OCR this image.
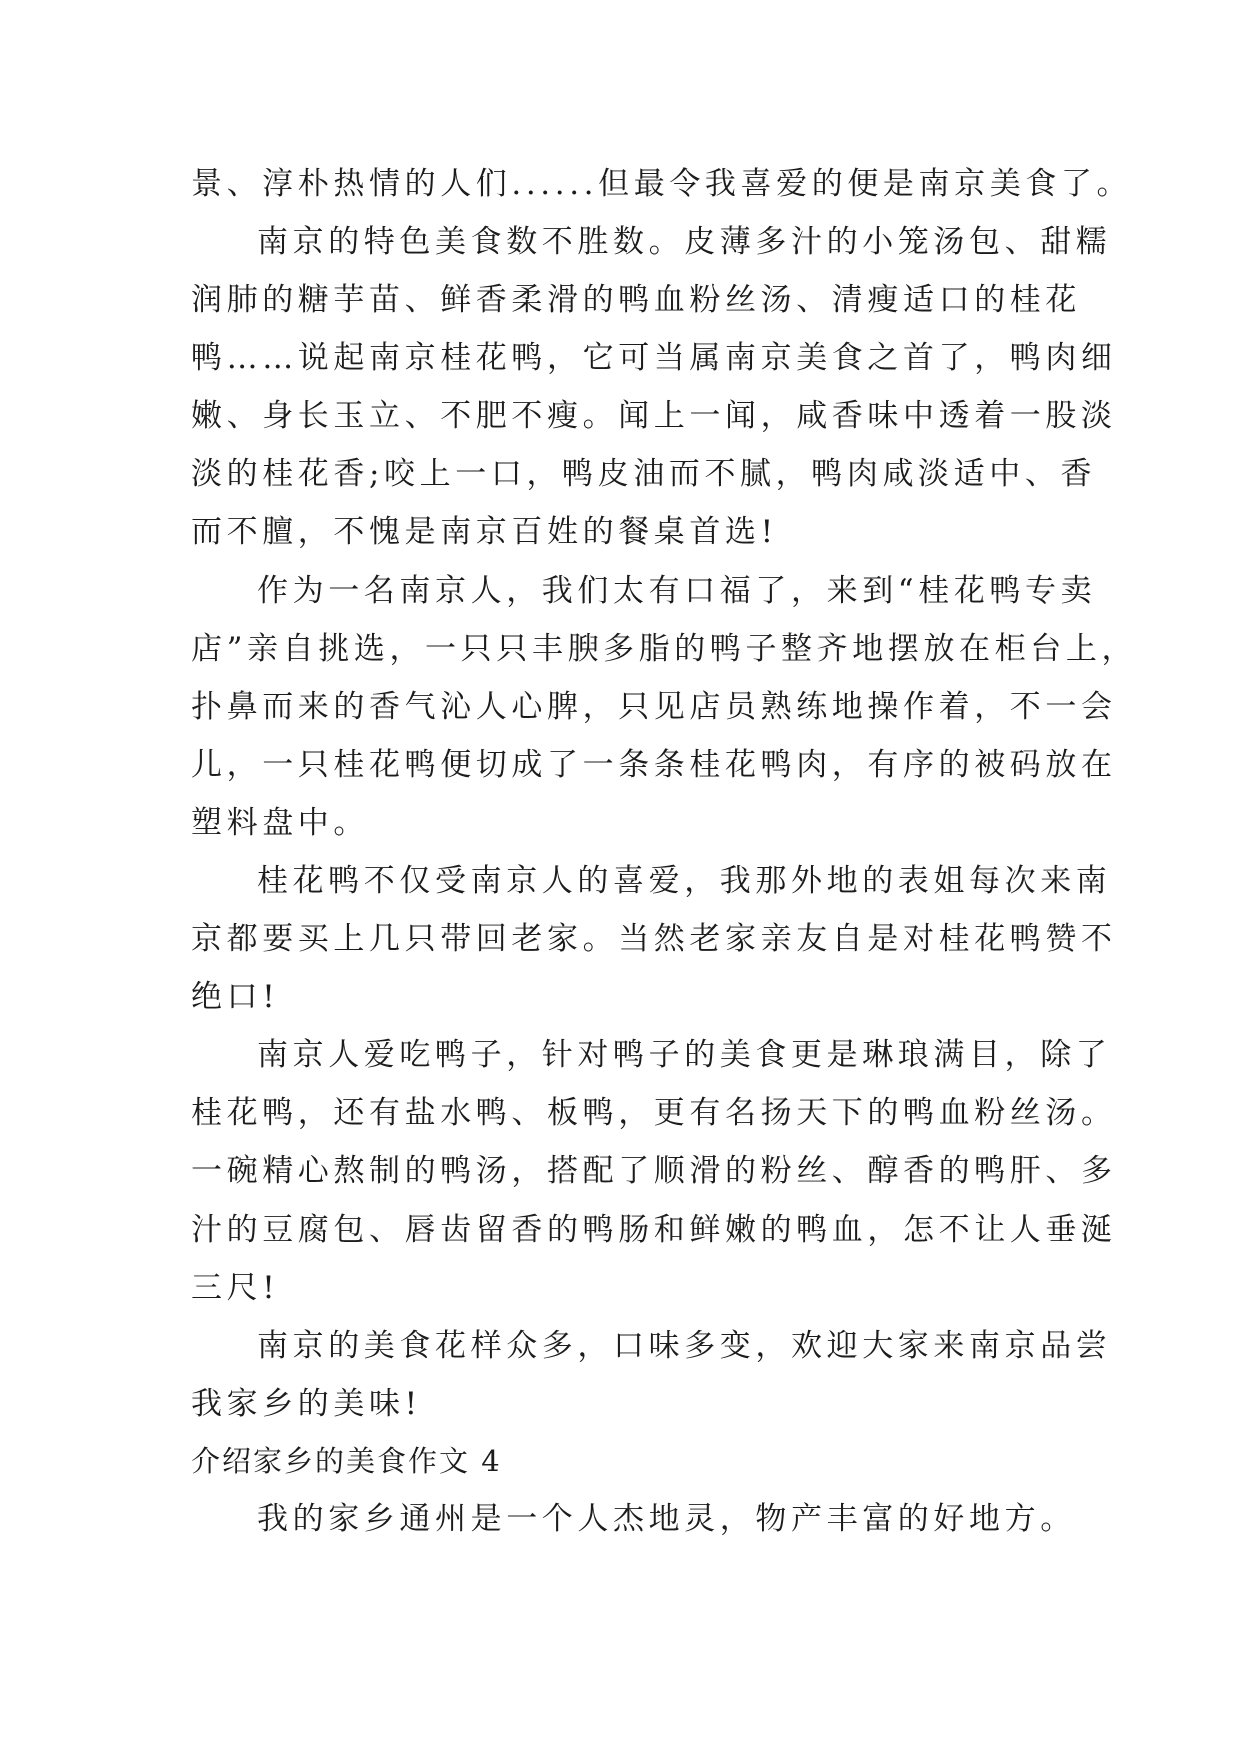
景、淳朴热情的人们......但最令我喜爱的便是南京美食了。
南京的特色美食数不胜数。皮薄多汁的小笼汤包、甜糯
润肺的糖芋苗、鲜香柔滑的鸭血粉丝汤、清瘦适口的桂花
鸭……说起南京桂花鸭，它可当属南京美食之首了，鸭肉细
嫩、身长玉立、不肥不瘦。闻上一闻，咸香味中透着一股淡
淡的桂花香;咬上一口，鸭皮油而不腻，鸭肉咸淡适中、香
而不膻，不愧是南京百姓的餐桌首选!
作为一名南京人，我们太有口福了，来到“桂花鸭专卖
店”亲自挑选，一只只丰腴多脂的鸭子整齐地摆放在柜台上，
扑鼻而来的香气沁人心脾，只见店员熟练地操作着，不一会
儿，一只桂花鸭便切成了一条条桂花鸭肉，有序的被码放在
塑料盘中。
桂花鸭不仅受南京人的喜爱，我那外地的表姐每次来南
京都要买上几只带回老家。当然老家亲友自是对桂花鸭赞不
绝口!
南京人爱吃鸭子，针对鸭子的美食更是琳琅满目，除了
桂花鸭，还有盐水鸭、板鸭，更有名扬天下的鸭血粉丝汤。
一碗精心熬制的鸭汤，搭配了顺滑的粉丝、醇香的鸭肝、多
汁的豆腐包、唇齿留香的鸭肠和鲜嫩的鸭血，怎不让人垂涎
三尺!
南京的美食花样众多，口味多变，欢迎大家来南京品尝
我家乡的美味!
介绍家乡的美食作文 4
我的家乡通州是一个人杰地灵，物产丰富的好地方。
